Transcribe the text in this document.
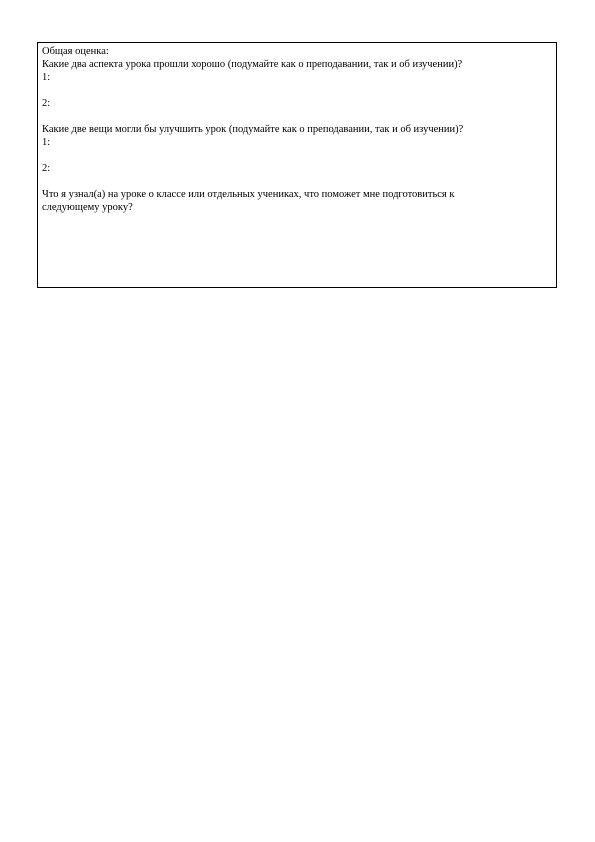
Общая оценка:
Какие два аспекта урока прошли хорошо (подумайте как о преподавании, так и об изучении)?
1:
2:
Какие две вещи могли бы улучшить урок (подумайте как о преподавании, так и об изучении)?
1:
2:
Что я узнал(а) на уроке о классе или отдельных учениках, что поможет мне подготовиться к следующему уроку?
